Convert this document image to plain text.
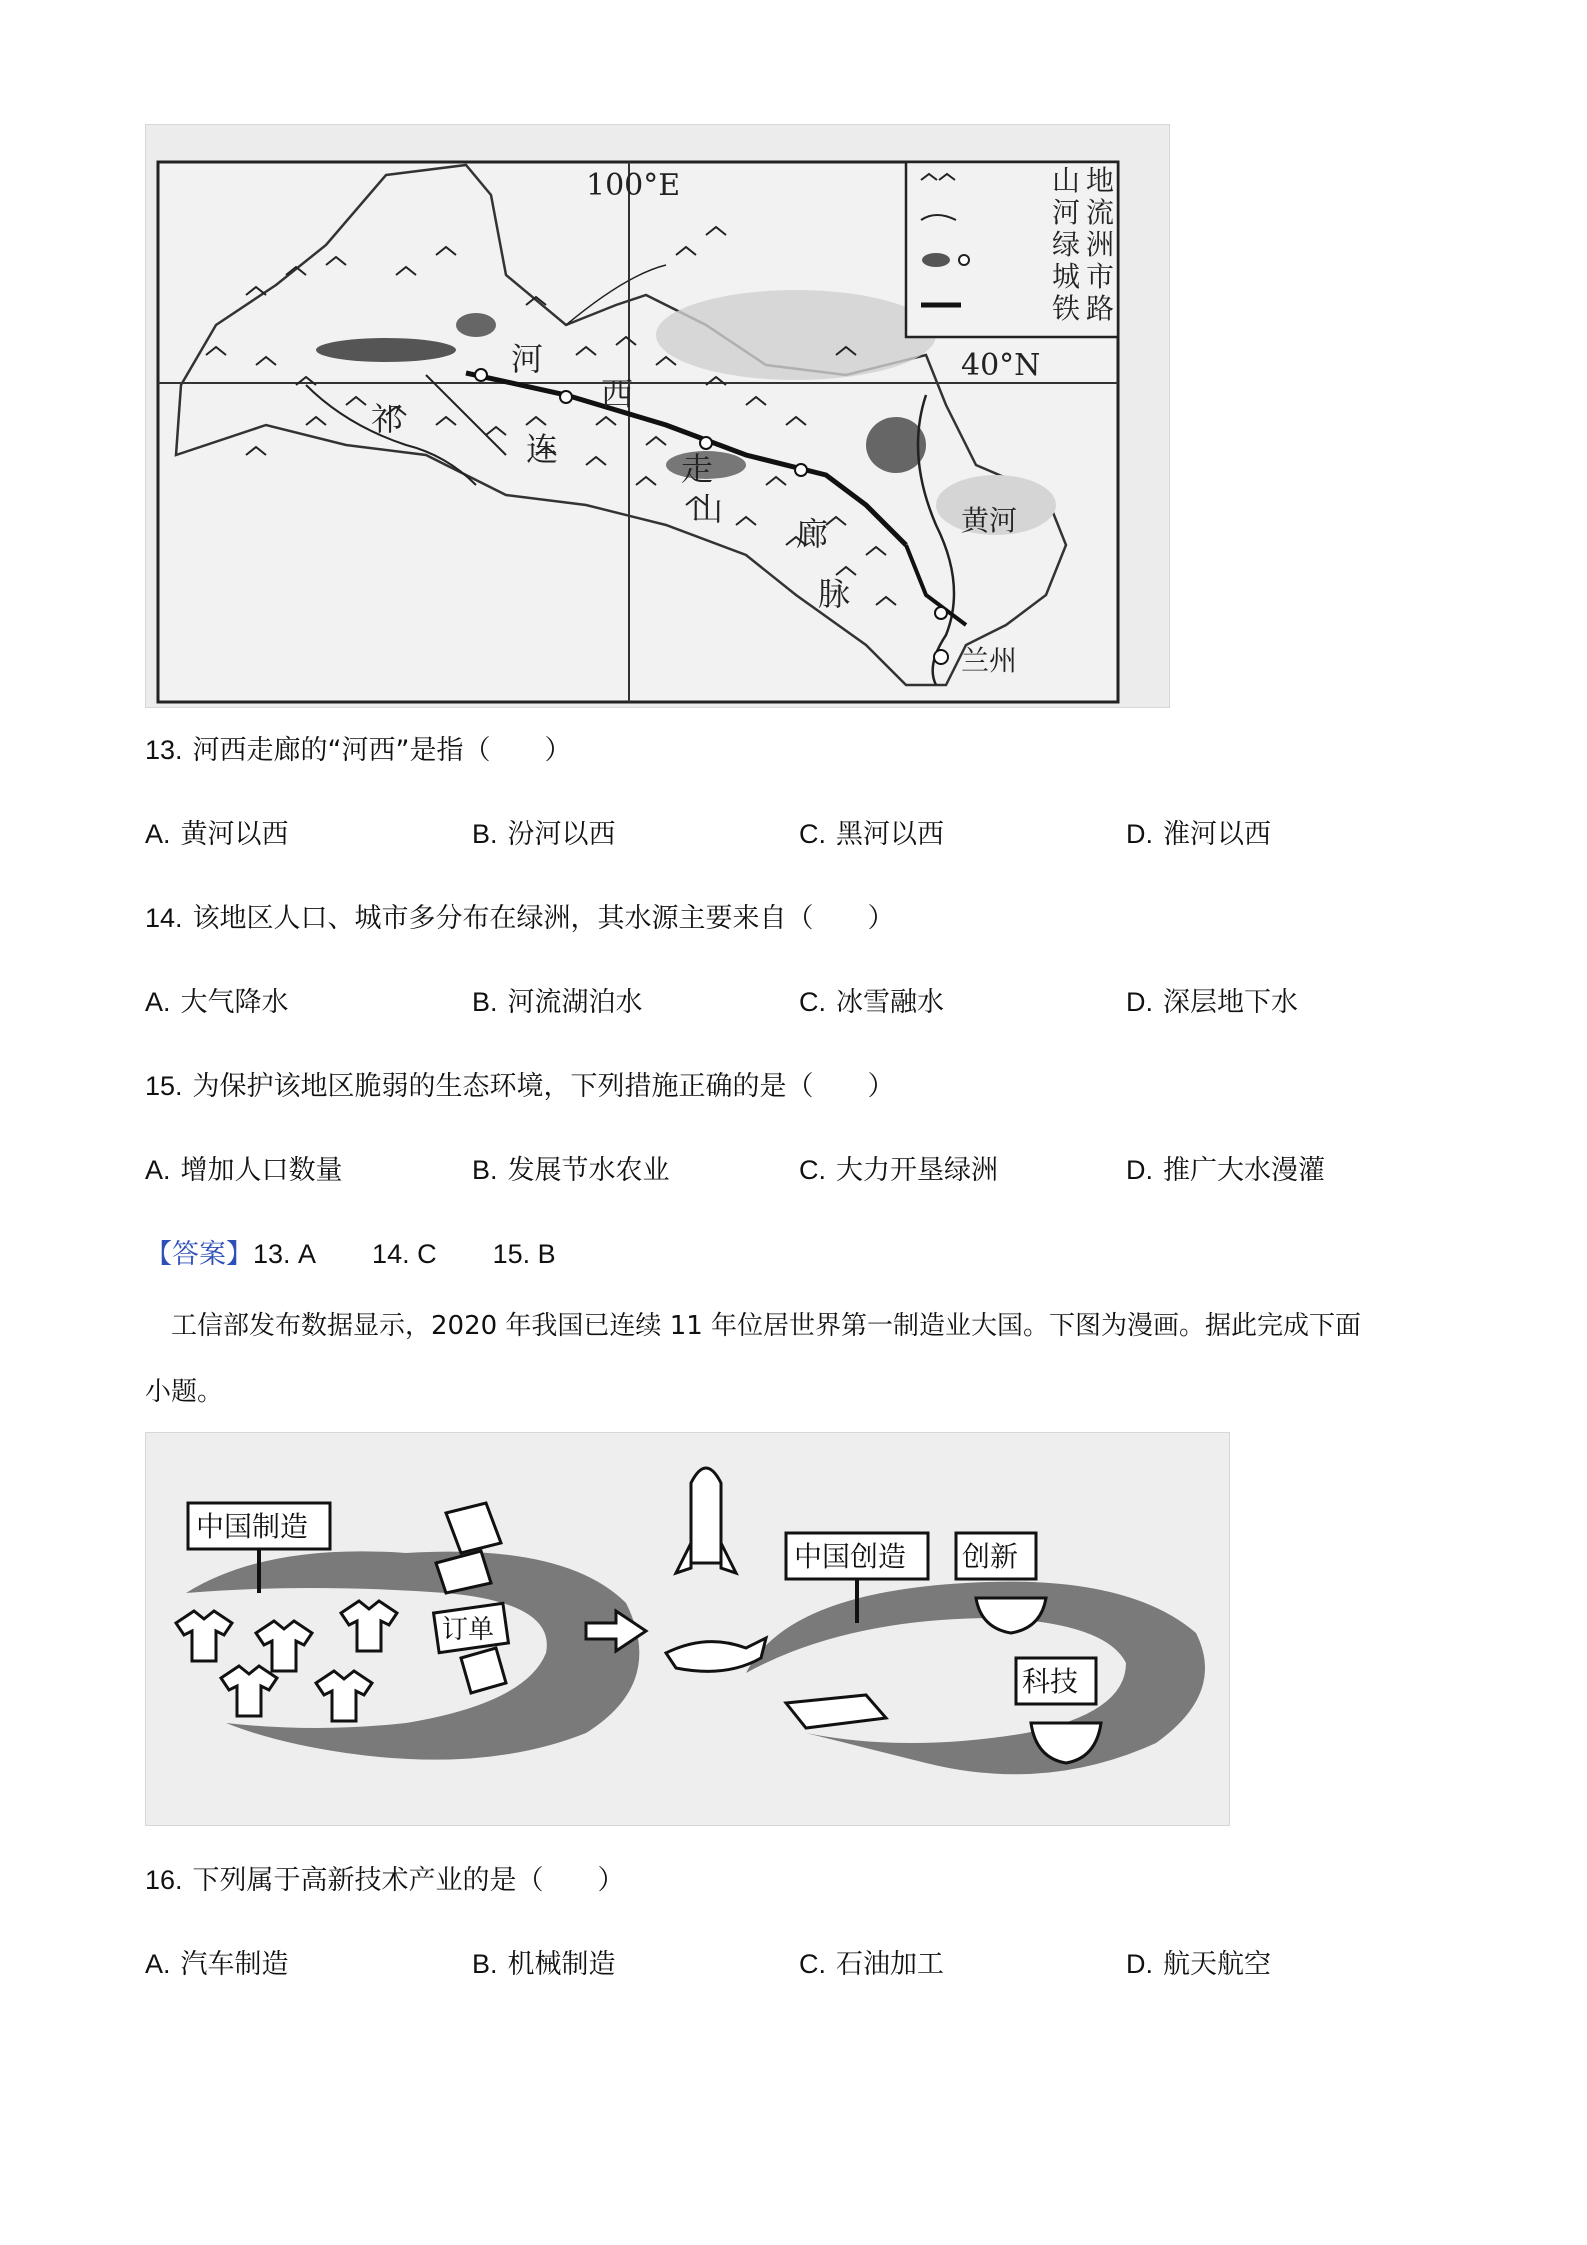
100°E
40°N
河
西
走
廊
祁
连
山
脉
黄河
兰州
地
流
洲
市
路
山
河
绿
城
铁
13. 河西走廊的“河西”是指（　　）
A. 黄河以西	B. 汾河以西	C. 黑河以西	D. 淮河以西
14. 该地区人口、城市多分布在绿洲，其水源主要来自（　　）
A. 大气降水	B. 河流湖泊水	C. 冰雪融水	D. 深层地下水
15. 为保护该地区脆弱的生态环境，下列措施正确的是（　　）
A. 增加人口数量	B. 发展节水农业	C. 大力开垦绿洲	D. 推广大水漫灌
【答案】13. A 14. C 15. B
工信部发布数据显示，2020 年我国已连续 11 年位居世界第一制造业大国。下图为漫画。据此完成下面
小题。
中国制造
订单
中国创造 创新
科技
16. 下列属于高新技术产业的是（　　）
A. 汽车制造	B. 机械制造	C. 石油加工	D. 航天航空
